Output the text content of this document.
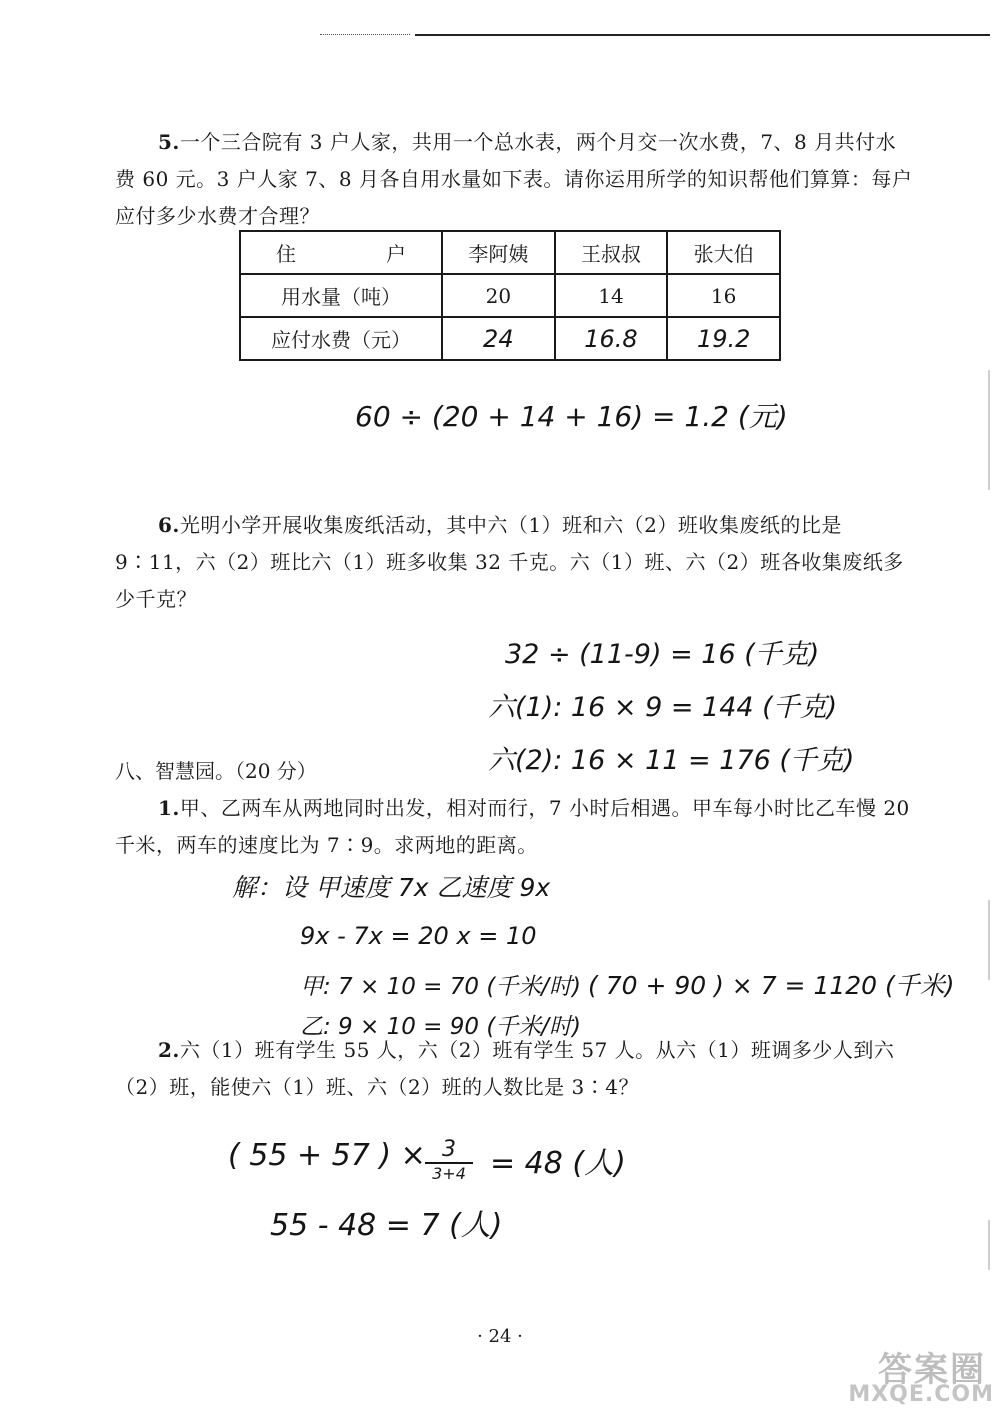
5.一个三合院有 3 户人家，共用一个总水表，两个月交一次水费，7、8 月共付水费 60 元。3 户人家 7、8 月各自用水量如下表。请你运用所学的知识帮他们算算：每户应付多少水费才合理？

住 户	李阿姨	王叔叔	张大伯
用水量（吨）	20	14	16
应付水费（元）	24	16.8	19.2

60 ÷ (20 + 14 + 16) = 1.2 (元)

6.光明小学开展收集废纸活动，其中六（1）班和六（2）班收集废纸的比是 9∶11，六（2）班比六（1）班多收集 32 千克。六（1）班、六（2）班各收集废纸多少千克？

32 ÷ (11-9) = 16 (千克)

六(1): 16 × 9 = 144 (千克)

六(2): 16 × 11 = 176 (千克)

八、智慧园。（20 分）

1.甲、乙两车从两地同时出发，相对而行，7 小时后相遇。甲车每小时比乙车慢 20 千米，两车的速度比为 7∶9。求两地的距离。

解：设 甲速度 7x 乙速度 9x

9x - 7x = 20 x = 10

甲: 7 × 10 = 70 (千米/时)

乙: 9 × 10 = 90 (千米/时)

( 70 + 90 ) × 7 = 1120 (千米)

2.六（1）班有学生 55 人，六（2）班有学生 57 人。从六（1）班调多少人到六（2）班，能使六（1）班、六（2）班的人数比是 3∶4？

( 55 + 57 ) × 3
3+4 = 48 (人)

55 - 48 = 7 (人)

· 24 ·

答案圈
MXQE.COM
